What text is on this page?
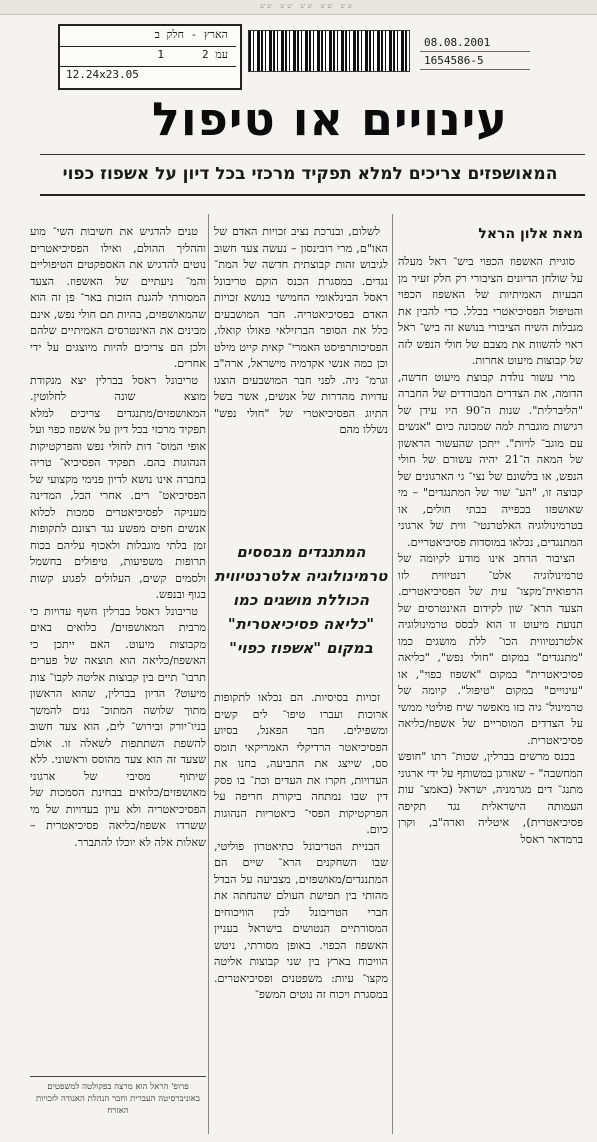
שש שש שש שש שש
הארץ - חלק ב
עמ 2
1
12.24x23.05
08.08.2001
1654586-5
עינויים או טיפול
המאושפזים צריכים למלא תפקיד מרכזי בכל דיון על אשפוז כפוי
מאת אלון הראל

סוגיית האשפוז הכפוי ביש־ ראל מעלה על שולחן הדיונים הציבורי רק חלק זעיר מן הבעיות האמיתיות של האשפוז הכפוי והטיפול הפסיכיאטרי בכלל. כדי להבין את מגבלות השיח הציבורי בנושא זה ביש־ ראל ראוי להשוות את מצבם של חולי הנפש לזה של קבוצות מיעוט אחרות.

מרי עשור נולדת קבוצת מיעוט חדשה, הדומה, את הצדדים המבודדים של החברה "הליברלית". שנות ה־90 היו עידן של רגישות מוגברת למה שמכונה כיום "אנשים עם מוגב־ לויות". ייתכן שהעשור הראשון של המאה ה־21 יהיה עשורם של חולי הנפש, או בלשונם של נצי־ גי הארגונים של קבוצה זו, "הע־ שור של המתנגדים" – מי שאושפזו בכפייה בבתי חולים, או בטרמינולוגיה האלטרנטי־ ווית של ארגוני המתנגדים, נכלאו במוסדות פסיכיאטריים.

הציבור הרחב אינו מודע לקיומה של טרמינולוגיה אלט־ רנטיווית לזו הרפואית־מקצו־ עית של הפסיכיאטרים. הצעד הרא־ שון לקידום האינטרסים של תנועת מיעוט זו הוא לבסס טרמינולוגיה אלטרנטיווית הכו־ ללת מושגים כמו "מתנגדים" במקום "חולי נפש", "כליאה פסיכיאטרית" במקום "אשפוז כפוי", או "עינויים" במקום "טיפול". קיומה של טרמינול־ גיה כזו מאפשר שיח פוליטי ממשי על הצדדים המוסריים של אשפוז/כליאה פסיכיאטרית.

בכנס מרשים בברלין, שכות־ רתו "חופש המחשבה" – שאורגן במשותף על ידי ארגוני מתנג־ דים מגרמניה, ישראל (באמצ־ עות העמותה הישראלית נגד תקיפה פסיכיאטרית), איטליה וארה"ב, וקרן ברמדאר ראסל

לשלום, ובנרכת נציב זכויות האדם של האו"ם, מרי רובינסון – נעשה צעד חשוב לגיבוש זהות קבוצתית חדשה של המת־ נגדים. במסגרת הכנס הוקם טריבונל ראסל הבינלאומי החמישי בנושא זכויות האדם בפסיכיאטריה. חבר המושבעים כלל את הסופר הברזילאי פאולו קואלו, הפסיכותרפיסט האמרי־ קאית קייט מילט וכן כמה אנשי אקדמיה מישראל, ארה"ב וגרמ־ ניה. לפני חבר המושבעים הוצגו עדויות מהדרות של אנשים, אשר בשל התיוג הפסיכיאטרי של "חולי נפש" נשללו מהם

המתנגדים מבססים טרמינולוגיה אלטרנטיווית הכוללת מושגים כמו "כליאה פסיכיאטרית" במקום "אשפוז כפוי"

זכויות בסיסיות. הם נכלאו לתקופות ארוכות ועברו טיפו־ לים קשים ומשפילים. חבר הפאנל, בסיוע הפסיכיאטר הרדיקלי האמריקאי תומס סס, שייצג את התביעה, בחנו את העדויות, חקרו את העדים וכת־ בו פסק דין שבו נמתחה ביקורת חריפה על הפרקטיקות הפסי־ כיאטריות הנהוגות כיום.

הבניית הטריבונל כתיאטרון פוליטי, שבו השחקנים הרא־ שיים הם המתנגדים/מאושפזים, מצביעה על הבדל מהותי בין תפישת העולם שהנחתה את חברי הטריבונל לבין הוויכוחים המסורתיים הנטושים בישראל בעניין האשפוז הכפוי. באופן מסורתי, ניטש הוויכוח בארץ בין שני קבוצות אליטה מקצו־ עיות: משפטנים ופסיכיאטרים. במסגרת ויכוח זה נוטים המשפ־

טנים להדגיש את חשיבות השי־ מוע וההליך ההולם, ואילו הפסיכיאטרים נוטים להדגיש את האספקטים הטיפוליים והמ־ ניעתיים של האשפוז. הצעד המסורתי להגנת הזכות באר־ פן זה הוא שהמאושפזים, בהיות תם חולי נפש, אינם מבינים את האינטרסים האמיתיים שלהם ולכן הם צריכים להיות מיוצגים על ידי אחרים.

טריבונל ראסל בברלין יצא מנקודת מוצא שונה לחלוטין. המאושפזים/מתנגדים צריכים למלא תפקיד מרכזי בכל דיון על אשפוז כפוי ועל אופי המוס־ דות לחולי נפש והפרקטיקות הנהוגות בהם. תפקיד הפסיכיא־ טריה בחברה אינו נושא לדיון פנימי מקצועי של הפסיכיאט־ רים. אחרי הכל, המדינה מעניקה לפסיכיאטרים סמכות לכלוא אנשים חפים מפשע נגד רצונם לתקופות זמן בלתי מוגבלות ולאכוף עליהם בכוח תרופות משפיעות, טיפולים בחשמל ולסמים קשים, העלולים לפגוע קשות בגוף ובנפש.

טריבונל ראסל בברלין חשף עדויות כי מרבית המאושפזים/ כלואים באים מקבוצות מיעוט. האם ייתכן כי האשפוז/כליאה הוא תוצאה של פערים תרבו־ תיים בין קבוצות אליטה לקבו־ צות מיעוט? הדיון בברלין, שהוא הראשון מתוך שלושה המתוכ־ ננים להמשך בניו־יורק ובירוש־ לים, הוא צעד חשוב להשפת השתתפות לשאלה זו. אולם שצעד זה הוא צעד מהוסס וראשוני. ללא שיתוף מסיבי של ארגוני מאושפזים/כלואים בבחינת הסמכות של הפסיכיאטריה ולא עיון בעדויות של מי ששרדו אשפוז/כליאה פסיכיאטרית – שאלות אלה לא יוכלו להתברר.

פרופ' הראל הוא מרצה בפקולטה למשפטים באוניברסיטה העברית וחבר הנהלת האגודה לזכויות האזרח
